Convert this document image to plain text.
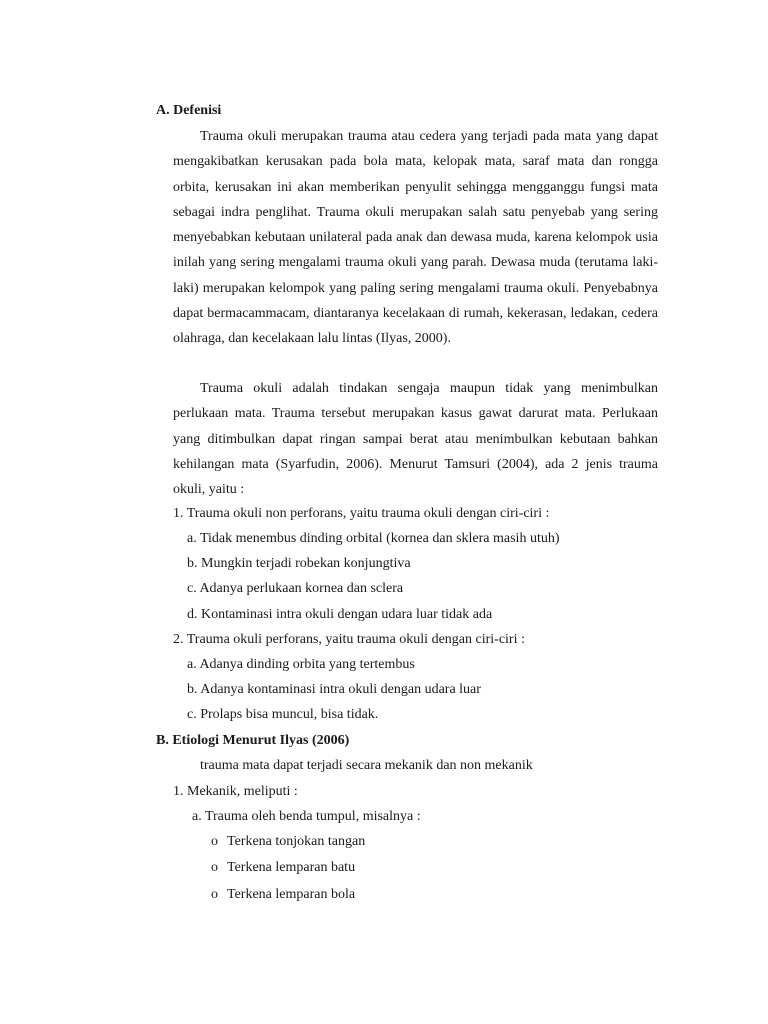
A. Defenisi

Trauma okuli merupakan trauma atau cedera yang terjadi pada mata yang dapat mengakibatkan kerusakan pada bola mata, kelopak mata, saraf mata dan rongga orbita, kerusakan ini akan memberikan penyulit sehingga mengganggu fungsi mata sebagai indra penglihat. Trauma okuli merupakan salah satu penyebab yang sering menyebabkan kebutaan unilateral pada anak dan dewasa muda, karena kelompok usia inilah yang sering mengalami trauma okuli yang parah. Dewasa muda (terutama laki-laki) merupakan kelompok yang paling sering mengalami trauma okuli. Penyebabnya dapat bermacammacam, diantaranya kecelakaan di rumah, kekerasan, ledakan, cedera olahraga, dan kecelakaan lalu lintas (Ilyas, 2000).

Trauma okuli adalah tindakan sengaja maupun tidak yang menimbulkan perlukaan mata. Trauma tersebut merupakan kasus gawat darurat mata. Perlukaan yang ditimbulkan dapat ringan sampai berat atau menimbulkan kebutaan bahkan kehilangan mata (Syarfudin, 2006). Menurut Tamsuri (2004), ada 2 jenis trauma okuli, yaitu :

1. Trauma okuli non perforans, yaitu trauma okuli dengan ciri-ciri :
a. Tidak menembus dinding orbital (kornea dan sklera masih utuh)
b. Mungkin terjadi robekan konjungtiva
c. Adanya perlukaan kornea dan sclera
d. Kontaminasi intra okuli dengan udara luar tidak ada
2. Trauma okuli perforans, yaitu trauma okuli dengan ciri-ciri :
a. Adanya dinding orbita yang tertembus
b. Adanya kontaminasi intra okuli dengan udara luar
c. Prolaps bisa muncul, bisa tidak.
B. Etiologi Menurut Ilyas (2006)
trauma mata dapat terjadi secara mekanik dan non mekanik
1. Mekanik, meliputi :
a. Trauma oleh benda tumpul, misalnya :
o Terkena tonjokan tangan
o Terkena lemparan batu
o Terkena lemparan bola
